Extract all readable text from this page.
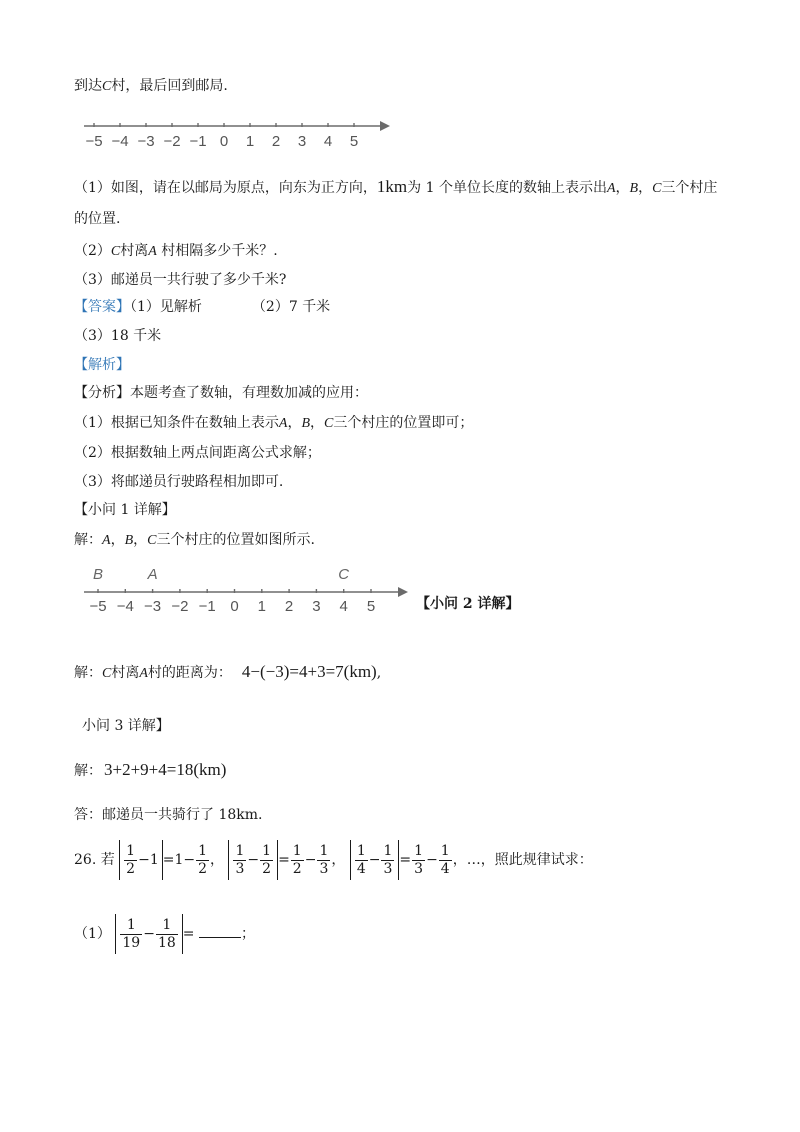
到达C村，最后回到邮局.
−5 −4 −3 −2 −1 0 1 2 3 4 5
（1）如图，请在以邮局为原点，向东为正方向，1km为 1 个单位长度的数轴上表示出A，B，C三个村庄
的位置.
（2）C村离A 村相隔多少千米？.
（3）邮递员一共行驶了多少千米?
【答案】（1）见解析	（2）7 千米
（3）18 千米
【解析】
【分析】本题考查了数轴，有理数加减的应用：
（1）根据已知条件在数轴上表示A，B，C三个村庄的位置即可；
（2）根据数轴上两点间距离公式求解；
（3）将邮递员行驶路程相加即可.
【小问 1 详解】
解：A，B，C三个村庄的位置如图所示.
B	A	C
−5 −4 −3 −2 −1 0 1 2 3 4 5	【小问 2 详解】
解：C村离A村的距离为： 4−(−3)=4+3=7(km),
小问 3 详解】
解： 3+2+9+4=18(km)
答：邮递员一共骑行了 18km.
26. 若 $\frac{1}{2} -1 =1- \frac{1}{2}$ ， $\frac{1}{3} - \frac{1}{2} = \frac{1}{2} - \frac{1}{3}$ ， $\frac{1}{4} - \frac{1}{3} = \frac{1}{3} - \frac{1}{4}$ ，…，照此规律试求：
$(1) \frac{1}{19} - \frac{1}{18}$ =	；
